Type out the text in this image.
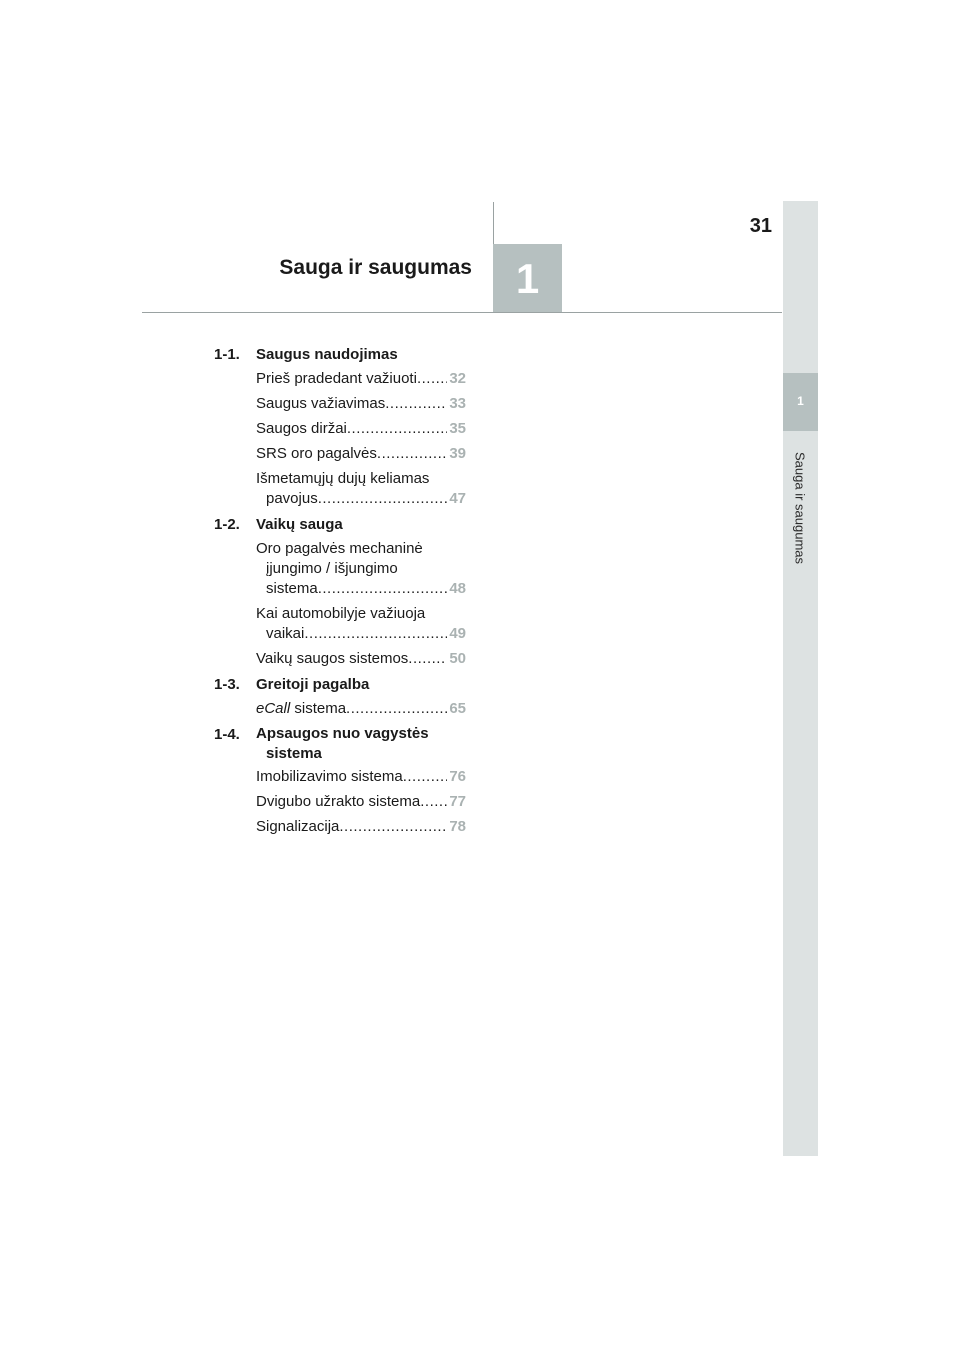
1
Sauga ir saugumas
31
1
Sauga ir saugumas
1-1. Saugus naudojimas
Prieš pradedant važiuoti ..... 32
Saugus važiavimas .....	33
Saugos diržai .....	35
SRS oro pagalvės .....	39
Išmetamųjų dujų keliamas
pavojus .....	47
1-2. Vaikų sauga
Oro pagalvės mechaninė
įjungimo / išjungimo
sistema .....	48
Kai automobilyje važiuoja
vaikai .....	49
Vaikų saugos sistemos .....	50
1-3. Greitoji pagalba
eCall sistema .....	65
1-4. Apsaugos nuo vagystės
sistema
Imobilizavimo sistema .....	76
Dvigubo užrakto sistema ..... 77
Signalizacija .....	78
